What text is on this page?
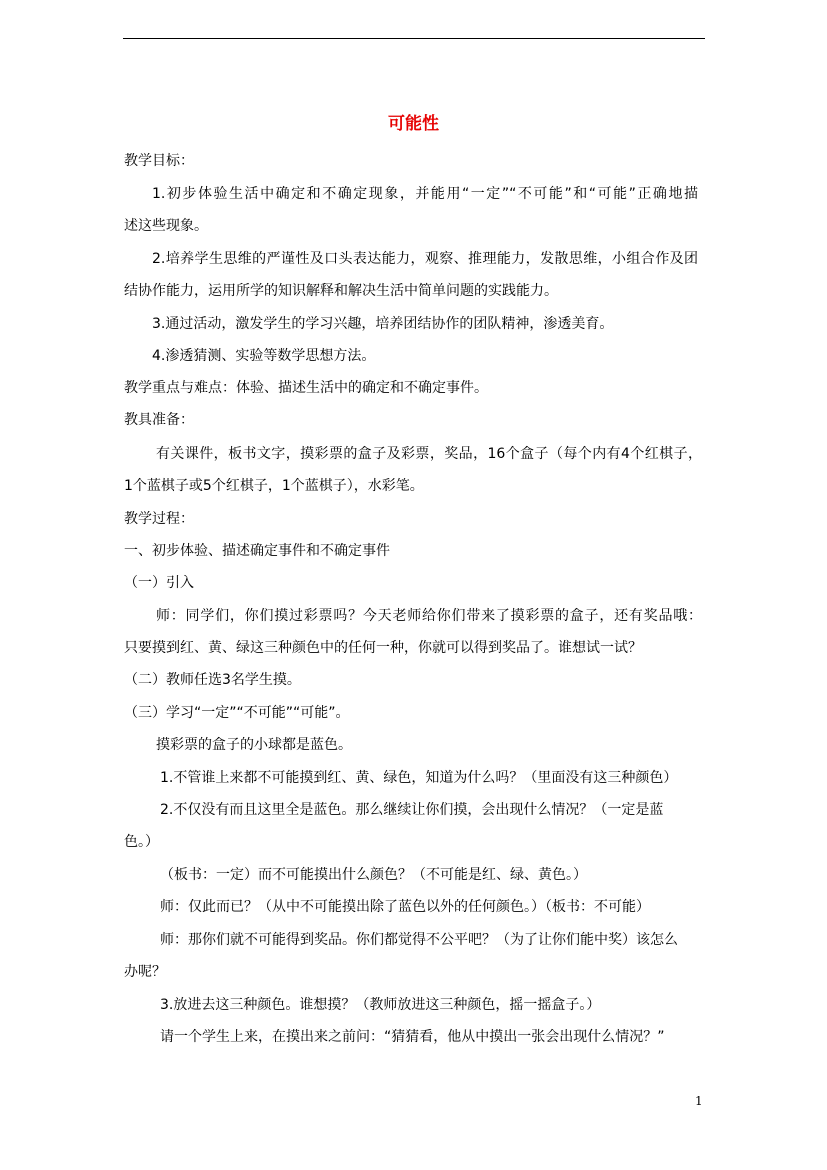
可能性
教学目标：
1.初步体验生活中确定和不确定现象，并能用“一定”“不可能”和“可能”正确地描
述这些现象。
2.培养学生思维的严谨性及口头表达能力，观察、推理能力，发散思维，小组合作及团
结协作能力，运用所学的知识解释和解决生活中简单问题的实践能力。
3.通过活动，激发学生的学习兴趣，培养团结协作的团队精神，渗透美育。
4.渗透猜测、实验等数学思想方法。
教学重点与难点：体验、描述生活中的确定和不确定事件。
教具准备：
有关课件，板书文字，摸彩票的盒子及彩票，奖品，16个盒子（每个内有4个红棋子，
1个蓝棋子或5个红棋子，1个蓝棋子），水彩笔。
教学过程：
一、初步体验、描述确定事件和不确定事件
（一）引入
师：同学们，你们摸过彩票吗？今天老师给你们带来了摸彩票的盒子，还有奖品哦：
只要摸到红、黄、绿这三种颜色中的任何一种，你就可以得到奖品了。谁想试一试？
（二）教师任选3名学生摸。
（三）学习“一定”“不可能”“可能”。
摸彩票的盒子的小球都是蓝色。
1.不管谁上来都不可能摸到红、黄、绿色，知道为什么吗？（里面没有这三种颜色）
2.不仅没有而且这里全是蓝色。那么继续让你们摸，会出现什么情况？（一定是蓝
色。）
（板书：一定）而不可能摸出什么颜色？（不可能是红、绿、黄色。）
师：仅此而已？（从中不可能摸出除了蓝色以外的任何颜色。）（板书：不可能）
师：那你们就不可能得到奖品。你们都觉得不公平吧？（为了让你们能中奖）该怎么
办呢？
3.放进去这三种颜色。谁想摸？（教师放进这三种颜色，摇一摇盒子。）
请一个学生上来，在摸出来之前问：“猜猜看，他从中摸出一张会出现什么情况？”
1
